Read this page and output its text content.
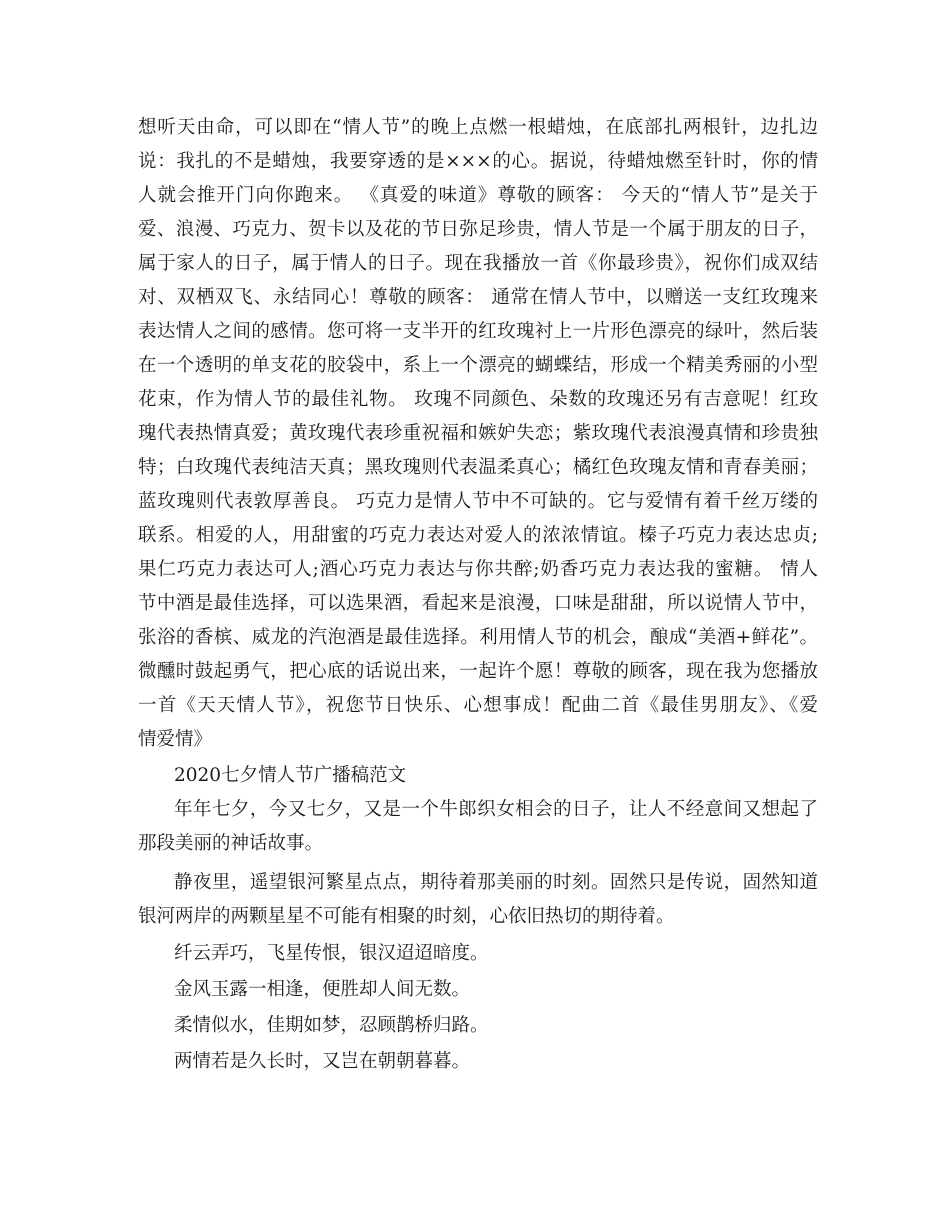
想听天由命，可以即在“情人节”的晚上点燃一根蜡烛，在底部扎两根针，边扎边
说：我扎的不是蜡烛，我要穿透的是×××的心。据说，待蜡烛燃至针时，你的情
人就会推开门向你跑来。 《真爱的味道》尊敬的顾客： 今天的“情人节”是关于
爱、浪漫、巧克力、贺卡以及花的节日弥足珍贵，情人节是一个属于朋友的日子，
属于家人的日子，属于情人的日子。现在我播放一首《你最珍贵》，祝你们成双结
对、双栖双飞、永结同心！尊敬的顾客： 通常在情人节中，以赠送一支红玫瑰来
表达情人之间的感情。您可将一支半开的红玫瑰衬上一片形色漂亮的绿叶，然后装
在一个透明的单支花的胶袋中，系上一个漂亮的蝴蝶结，形成一个精美秀丽的小型
花束，作为情人节的最佳礼物。 玫瑰不同颜色、朵数的玫瑰还另有吉意呢！红玫
瑰代表热情真爱；黄玫瑰代表珍重祝福和嫉妒失恋；紫玫瑰代表浪漫真情和珍贵独
特；白玫瑰代表纯洁天真；黑玫瑰则代表温柔真心；橘红色玫瑰友情和青春美丽；
蓝玫瑰则代表敦厚善良。 巧克力是情人节中不可缺的。它与爱情有着千丝万缕的
联系。相爱的人，用甜蜜的巧克力表达对爱人的浓浓情谊。榛子巧克力表达忠贞;
果仁巧克力表达可人;酒心巧克力表达与你共醉;奶香巧克力表达我的蜜糖。 情人
节中酒是最佳选择，可以选果酒，看起来是浪漫，口味是甜甜，所以说情人节中，
张浴的香槟、威龙的汽泡酒是最佳选择。利用情人节的机会，酿成“美酒+鲜花”。
微醺时鼓起勇气，把心底的话说出来，一起许个愿！尊敬的顾客，现在我为您播放
一首《天天情人节》，祝您节日快乐、心想事成！配曲二首《最佳男朋友》、《爱
情爱情》
2020七夕情人节广播稿范文
年年七夕，今又七夕，又是一个牛郎织女相会的日子，让人不经意间又想起了
那段美丽的神话故事。
静夜里，遥望银河繁星点点，期待着那美丽的时刻。固然只是传说，固然知道
银河两岸的两颗星星不可能有相聚的时刻，心依旧热切的期待着。
纤云弄巧，飞星传恨，银汉迢迢暗度。
金风玉露一相逢，便胜却人间无数。
柔情似水，佳期如梦，忍顾鹊桥归路。
两情若是久长时，又岂在朝朝暮暮。
